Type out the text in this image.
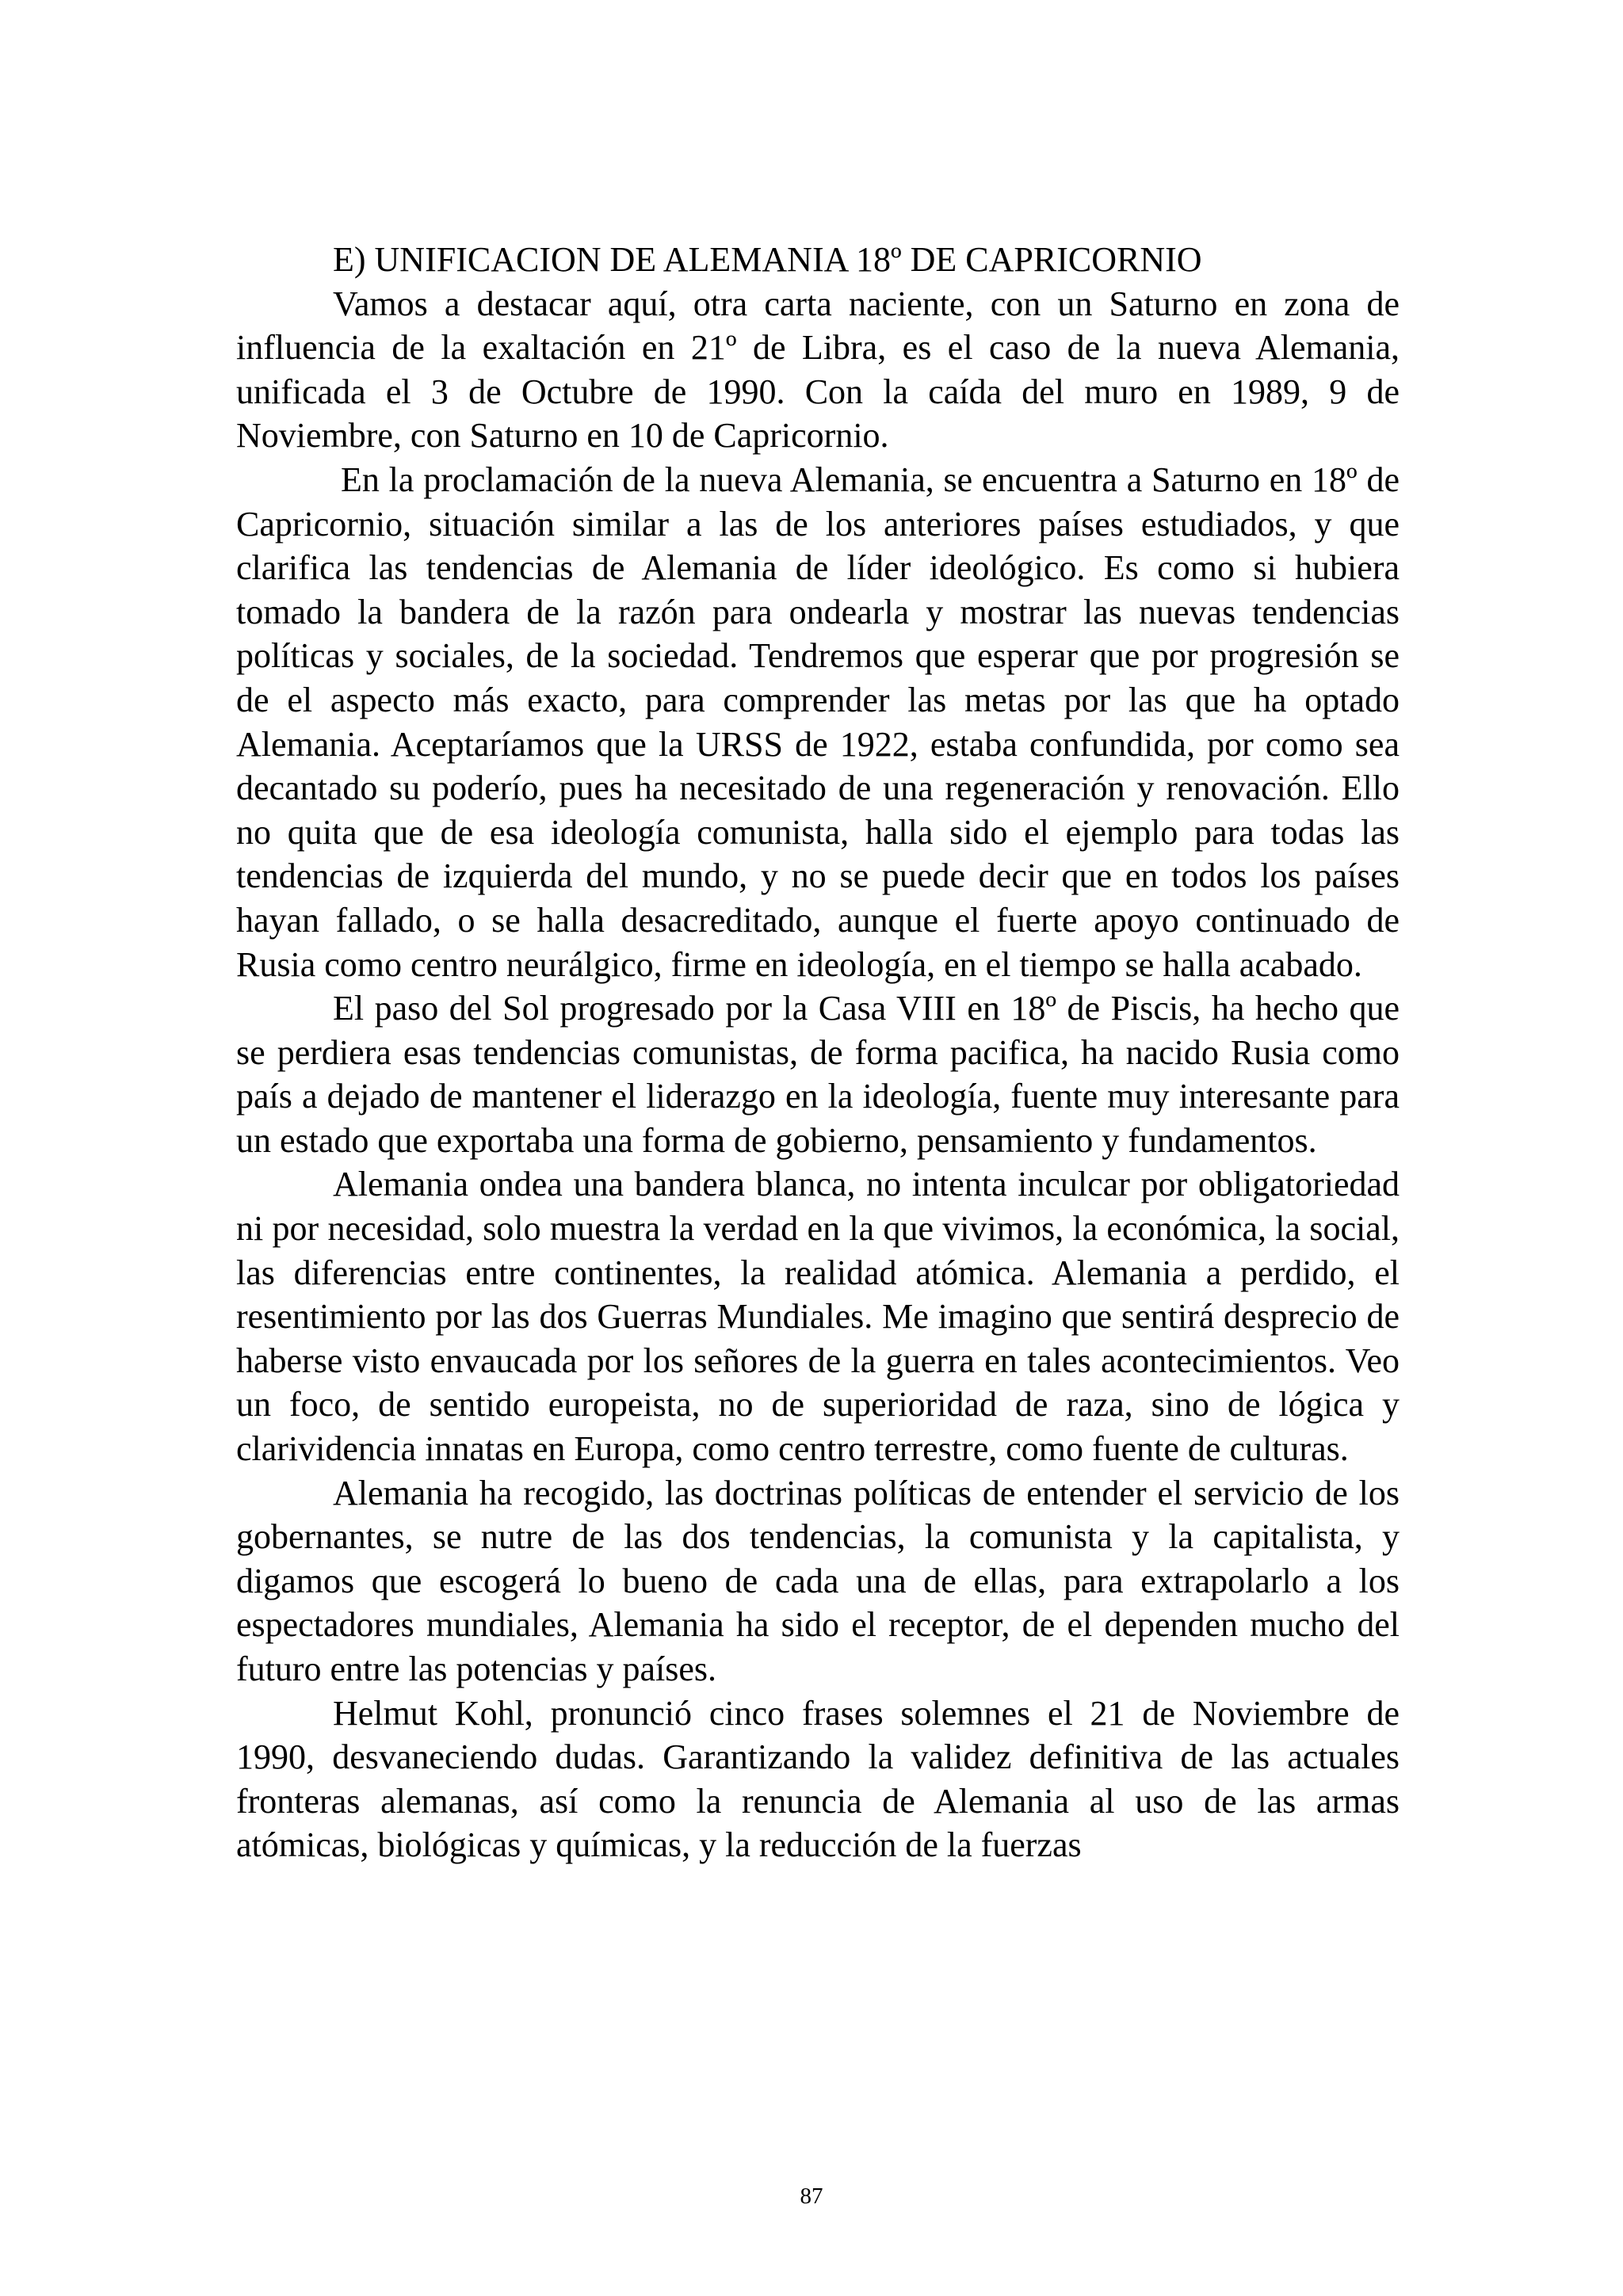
E) UNIFICACION DE ALEMANIA 18º DE CAPRICORNIO

Vamos a destacar aquí, otra carta naciente, con un Saturno en zona de influencia de la exaltación en 21º de Libra, es el caso de la nueva Alemania, unificada el 3 de Octubre de 1990. Con la caída del muro en 1989, 9 de Noviembre, con Saturno en 10 de Capricornio.

En la proclamación de la nueva Alemania, se encuentra a Saturno en 18º de Capricornio, situación similar a las de los anteriores países estudiados, y que clarifica las tendencias de Alemania de líder ideológico. Es como si hubiera tomado la bandera de la razón para ondearla y mostrar las nuevas tendencias políticas y sociales, de la sociedad. Tendremos que esperar que por progresión se de el aspecto más exacto, para comprender las metas por las que ha optado Alemania. Aceptaríamos que la URSS de 1922, estaba confundida, por como sea decantado su poderío, pues ha necesitado de una regeneración y renovación. Ello no quita que de esa ideología comunista, halla sido el ejemplo para todas las tendencias de izquierda del mundo, y no se puede decir que en todos los países hayan fallado, o se halla desacreditado, aunque el fuerte apoyo continuado de Rusia como centro neurálgico, firme en ideología, en el tiempo se halla acabado.

El paso del Sol progresado por la Casa VIII en 18º de Piscis, ha hecho que se perdiera esas tendencias comunistas, de forma pacifica, ha nacido Rusia como país a dejado de mantener el liderazgo en la ideología, fuente muy interesante para un estado que exportaba una forma de gobierno, pensamiento y fundamentos.

Alemania ondea una bandera blanca, no intenta inculcar por obligatoriedad ni por necesidad, solo muestra la verdad en la que vivimos, la económica, la social, las diferencias entre continentes, la realidad atómica. Alemania a perdido, el resentimiento por las dos Guerras Mundiales. Me imagino que sentirá desprecio de haberse visto envaucada por los señores de la guerra en tales acontecimientos. Veo un foco, de sentido europeista, no de superioridad de raza, sino de lógica y clarividencia innatas en Europa, como centro terrestre, como fuente de culturas.

Alemania ha recogido, las doctrinas políticas de entender el servicio de los gobernantes, se nutre de las dos tendencias, la comunista y la capitalista, y digamos que escogerá lo bueno de cada una de ellas, para extrapolarlo a los espectadores mundiales, Alemania ha sido el receptor, de el dependen mucho del futuro entre las potencias y países.

Helmut Kohl, pronunció cinco frases solemnes el 21 de Noviembre de 1990, desvaneciendo dudas. Garantizando la validez definitiva de las actuales fronteras alemanas, así como la renuncia de Alemania al uso de las armas atómicas, biológicas y químicas, y la reducción de la fuerzas

87
